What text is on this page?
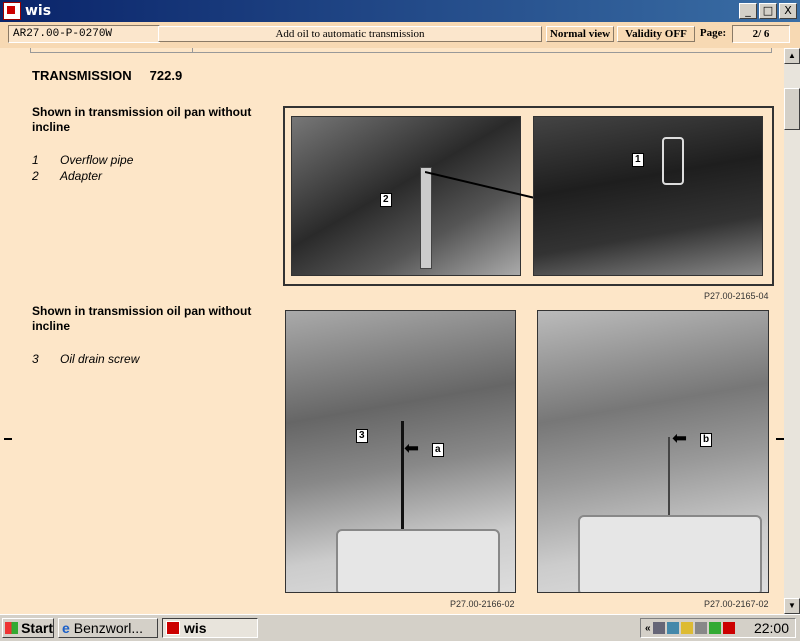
wis	_	□	X
AR27.00-P-0270W	Add oil to automatic transmission	Normal view	Validity OFF	Page:	2/ 6
TRANSMISSION 722.9
Shown in transmission oil pan without incline
1 Overflow pipe
2 Adapter
2
1
P27.00-2165-04
Shown in transmission oil pan without incline
3 Oil drain screw
3
⬅	a
P27.00-2166-02
⬅	b
P27.00-2167-02
▲
▼
Start e Benzworl...	wis	«	22:00
